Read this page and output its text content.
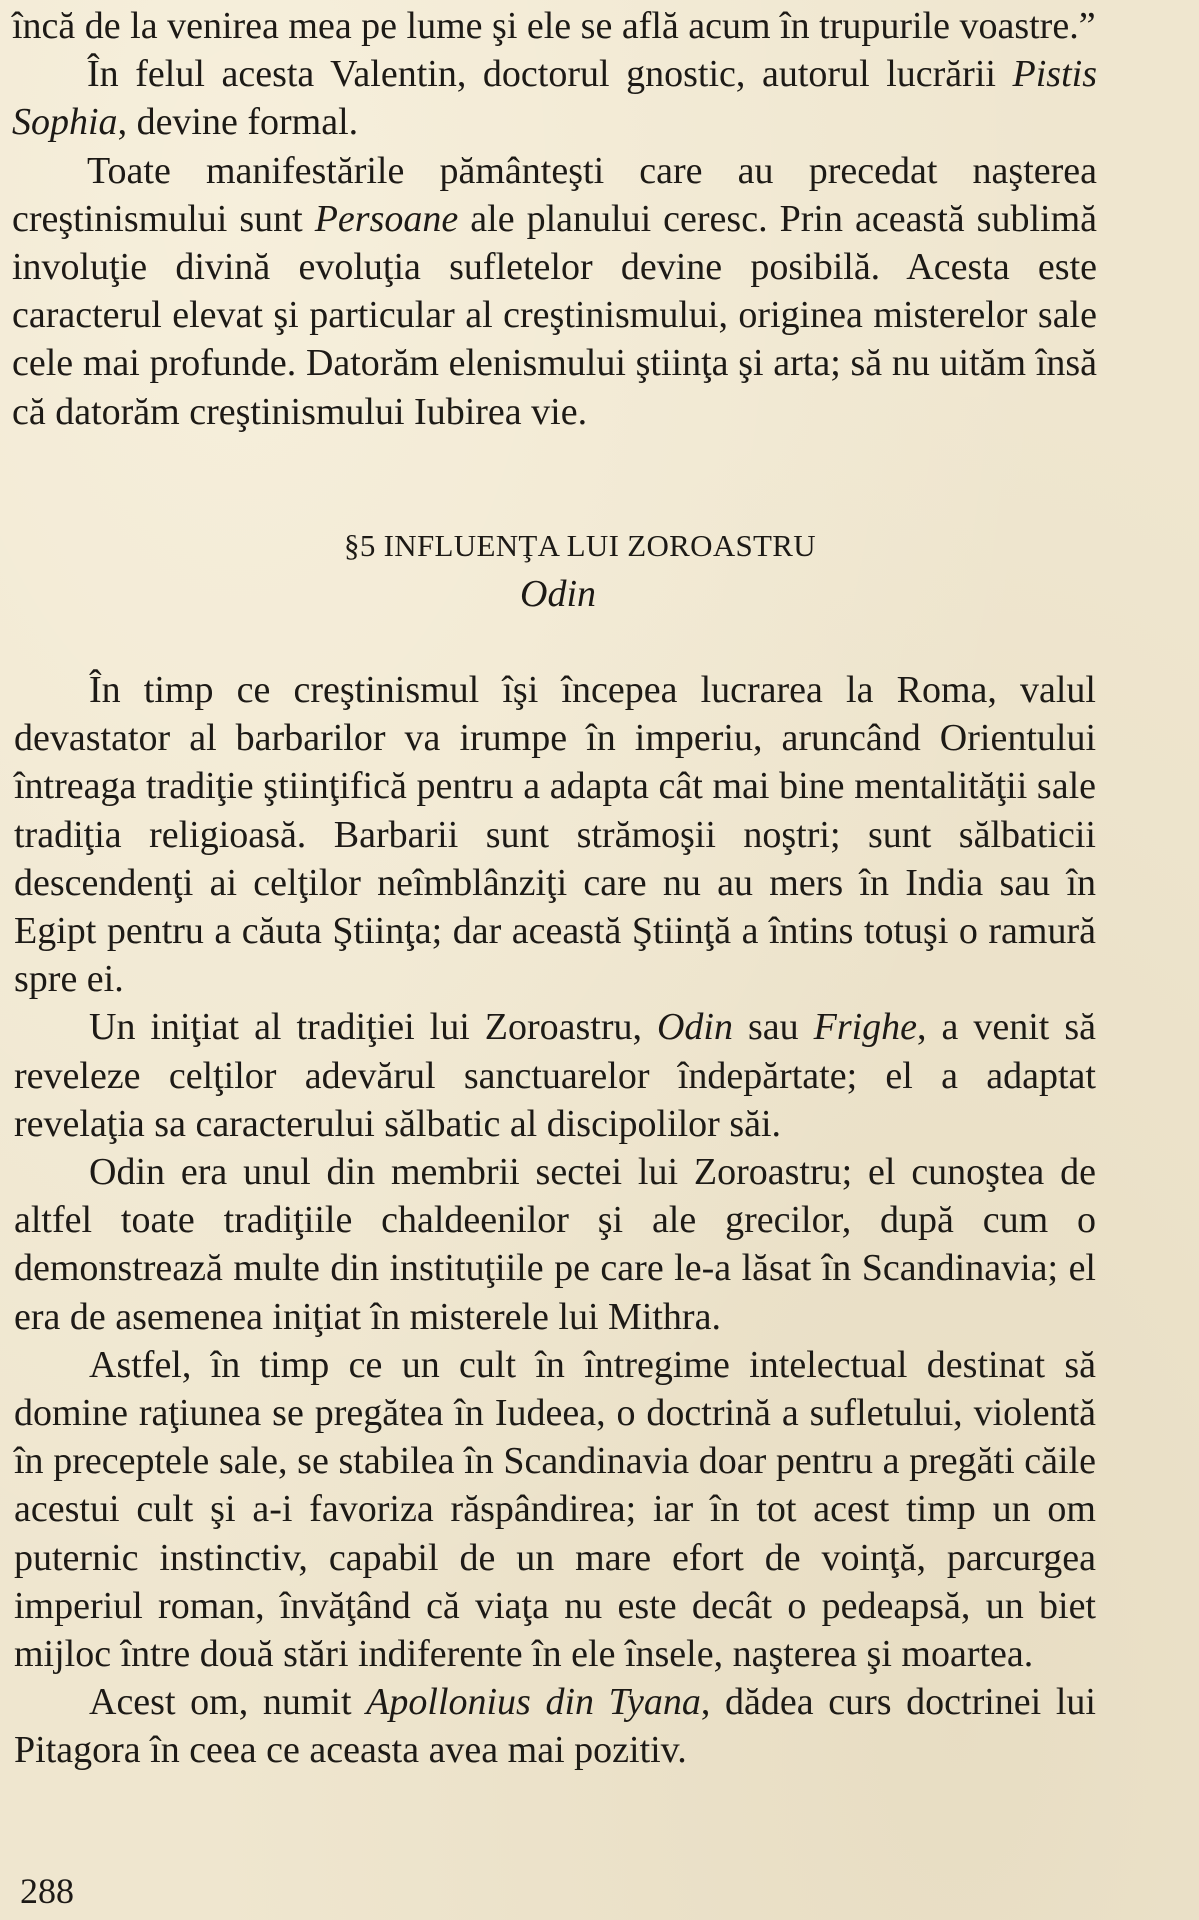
încă de la venirea mea pe lume şi ele se află acum în trupurile voastre.”

În felul acesta Valentin, doctorul gnostic, autorul lucrării Pistis Sophia, devine formal.

Toate manifestările pământeşti care au precedat naşterea creştinismului sunt Persoane ale planului ceresc. Prin această sublimă involuţie divină evoluţia sufletelor devine posibilă. Acesta este caracterul elevat şi particular al creştinismului, originea misterelor sale cele mai profunde. Datorăm elenismului ştiinţa şi arta; să nu uităm însă că datorăm creştinismului Iubirea vie.

§5 INFLUENŢA LUI ZOROASTRU
Odin

În timp ce creştinismul îşi începea lucrarea la Roma, valul devastator al barbarilor va irumpe în imperiu, aruncând Orientului întreaga tradiţie ştiinţifică pentru a adapta cât mai bine mentalităţii sale tradiţia religioasă. Barbarii sunt strămoşii noştri; sunt sălbaticii descendenţi ai celţilor neîmblânziţi care nu au mers în India sau în Egipt pentru a căuta Ştiinţa; dar această Ştiinţă a întins totuşi o ramură spre ei.

Un iniţiat al tradiţiei lui Zoroastru, Odin sau Frighe, a venit să reveleze celţilor adevărul sanctuarelor îndepărtate; el a adaptat revelaţia sa caracterului sălbatic al discipolilor săi.

Odin era unul din membrii sectei lui Zoroastru; el cunoştea de altfel toate tradiţiile chaldeenilor şi ale grecilor, după cum o demonstrează multe din instituţiile pe care le-a lăsat în Scandinavia; el era de asemenea iniţiat în misterele lui Mithra.

Astfel, în timp ce un cult în întregime intelectual destinat să domine raţiunea se pregătea în Iudeea, o doctrină a sufletului, violentă în preceptele sale, se stabilea în Scandinavia doar pentru a pregăti căile acestui cult şi a-i favoriza răspândirea; iar în tot acest timp un om puternic instinctiv, capabil de un mare efort de voinţă, parcurgea imperiul roman, învăţând că viaţa nu este decât o pedeapsă, un biet mijloc între două stări indiferente în ele însele, naşterea şi moartea.

Acest om, numit Apollonius din Tyana, dădea curs doctrinei lui Pitagora în ceea ce aceasta avea mai pozitiv.

288
